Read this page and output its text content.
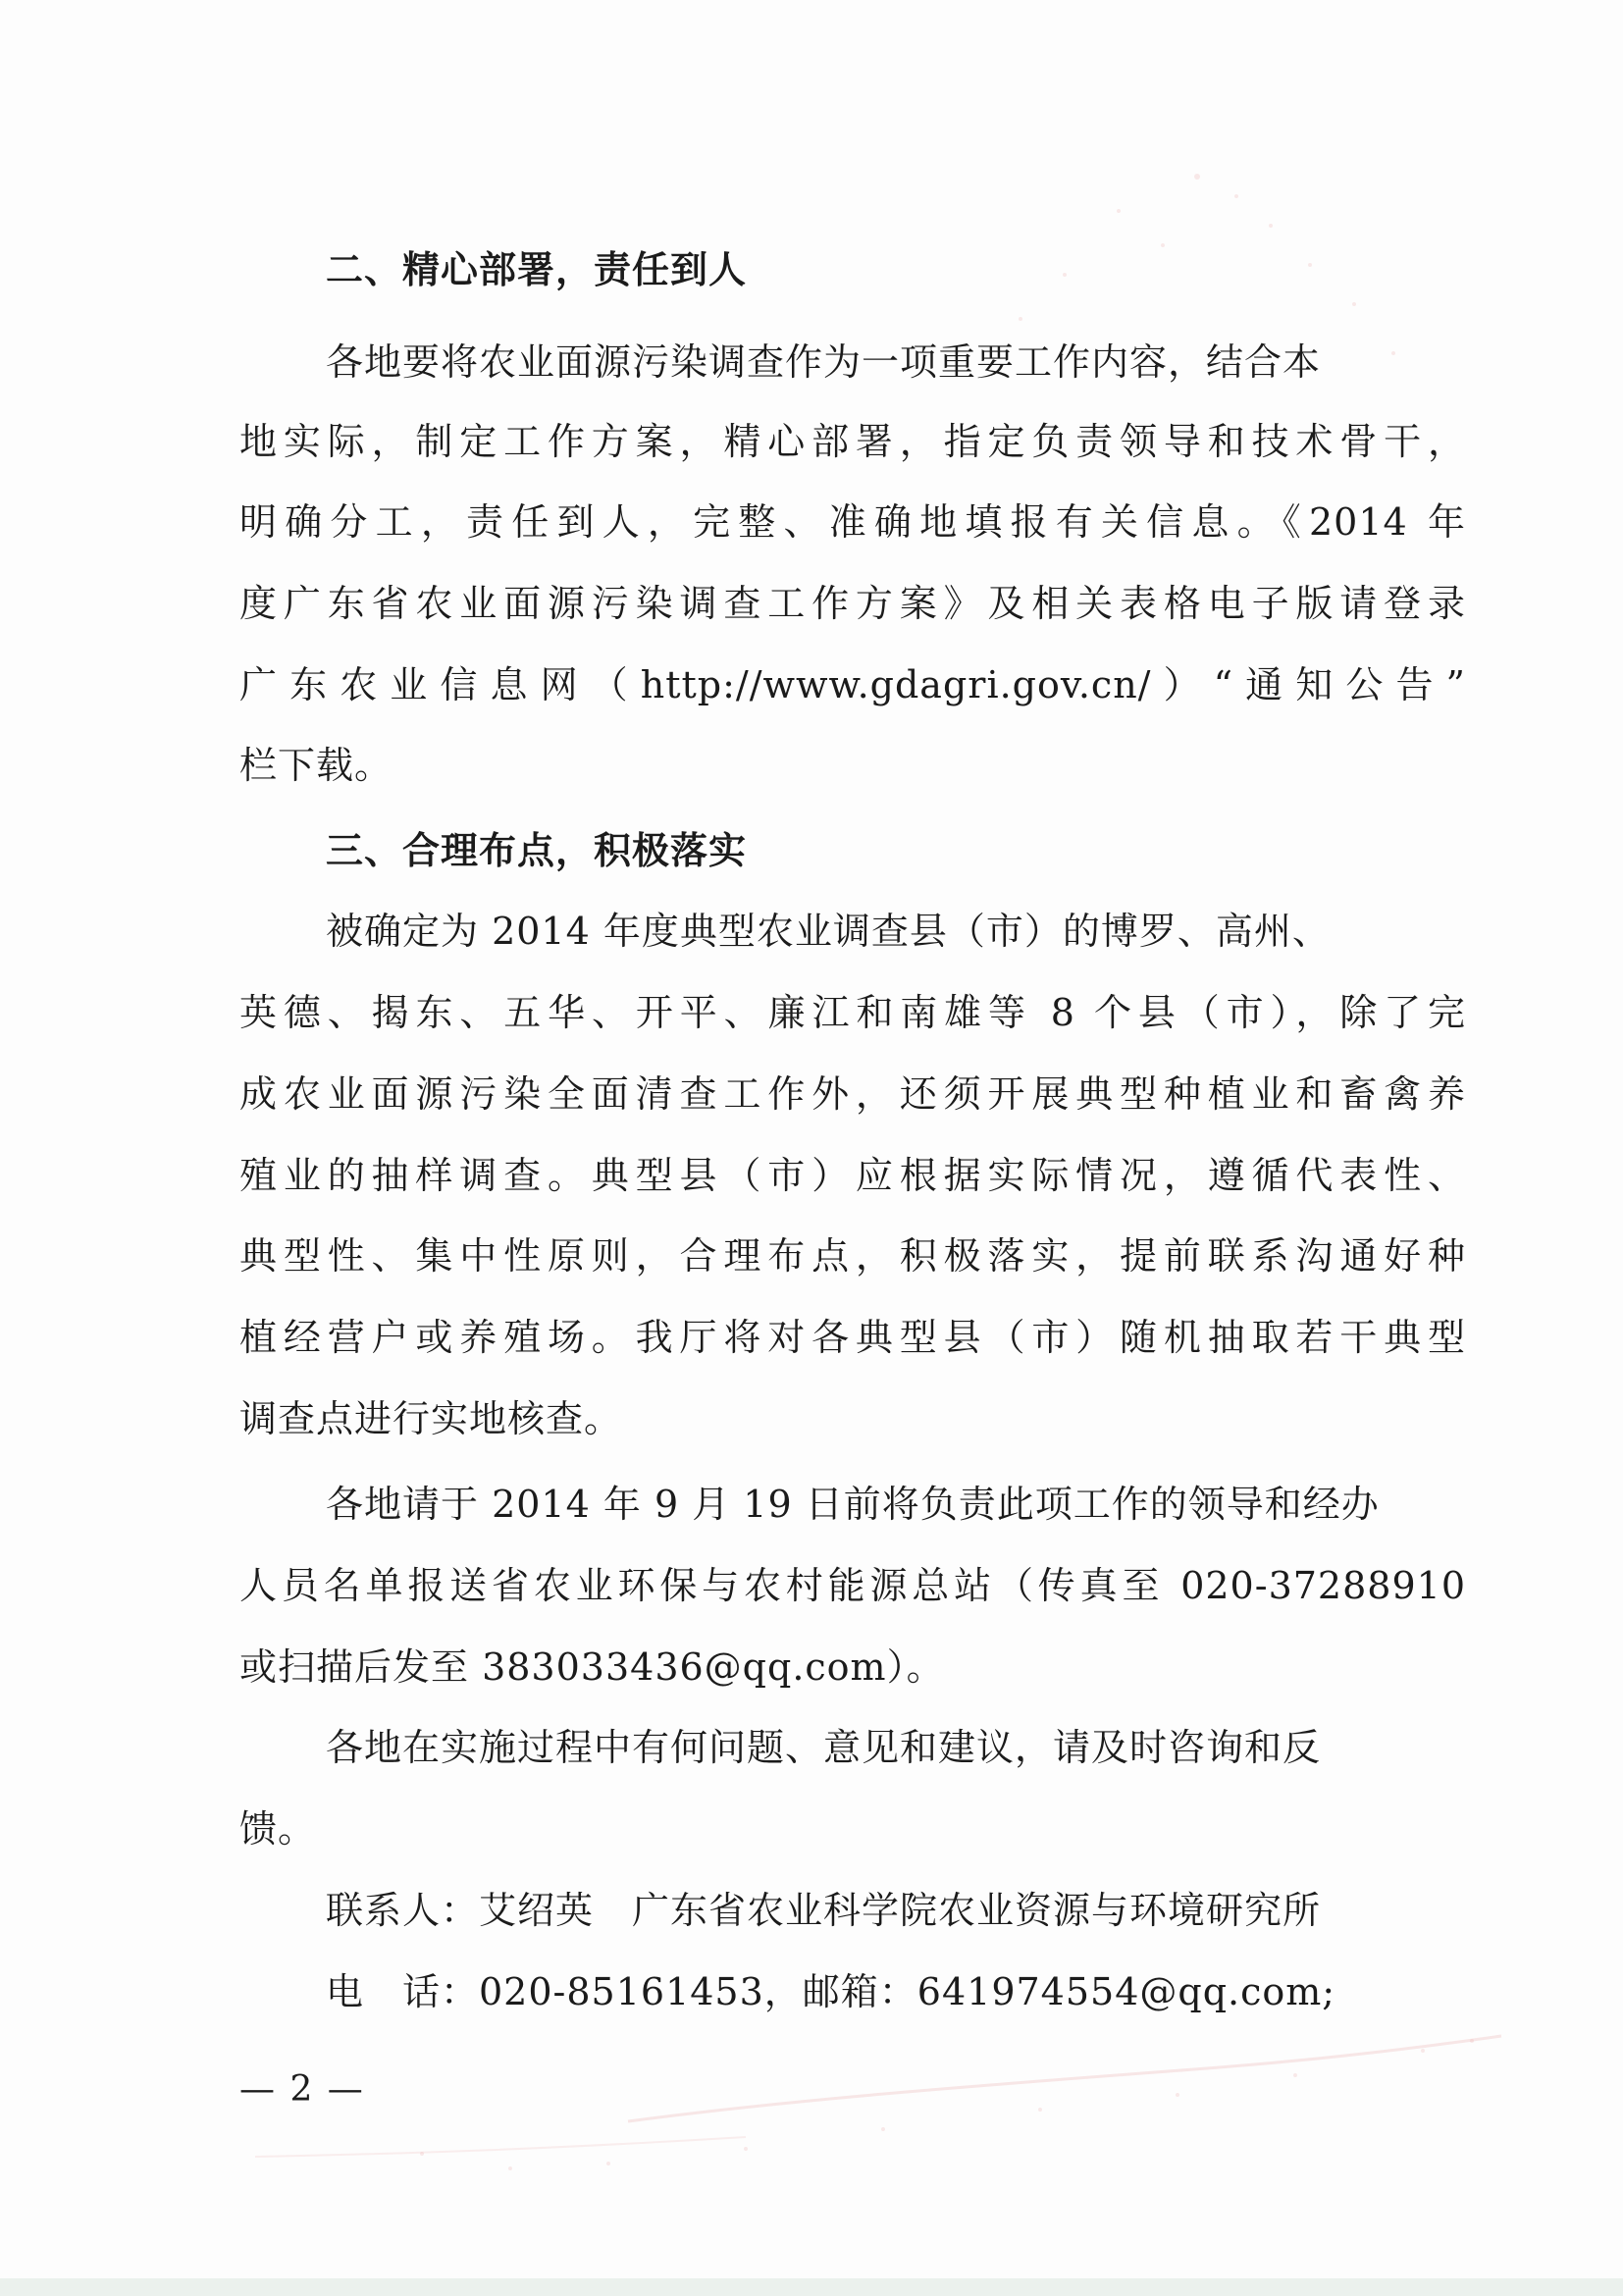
二、精心部署，责任到人
各地要将农业面源污染调查作为一项重要工作内容，结合本
地实际，制定工作方案，精心部署，指定负责领导和技术骨干，
明确分工，责任到人，完整、准确地填报有关信息。《2014 年
度广东省农业面源污染调查工作方案》及相关表格电子版请登录
广东农业信息网（http://www.gdagri.gov.cn/）“通知公告”
栏下载。
三、合理布点，积极落实
被确定为 2014 年度典型农业调查县（市）的博罗、高州、
英德、揭东、五华、开平、廉江和南雄等 8 个县（市），除了完
成农业面源污染全面清查工作外，还须开展典型种植业和畜禽养
殖业的抽样调查。典型县（市）应根据实际情况，遵循代表性、
典型性、集中性原则，合理布点，积极落实，提前联系沟通好种
植经营户或养殖场。我厅将对各典型县（市）随机抽取若干典型
调查点进行实地核查。
各地请于 2014 年 9 月 19 日前将负责此项工作的领导和经办
人员名单报送省农业环保与农村能源总站（传真至 020-37288910
或扫描后发至 383033436@qq.com）。
各地在实施过程中有何问题、意见和建议，请及时咨询和反
馈。
联系人：艾绍英　广东省农业科学院农业资源与环境研究所
电　话：020-85161453，邮箱：641974554@qq.com;
— 2 —
